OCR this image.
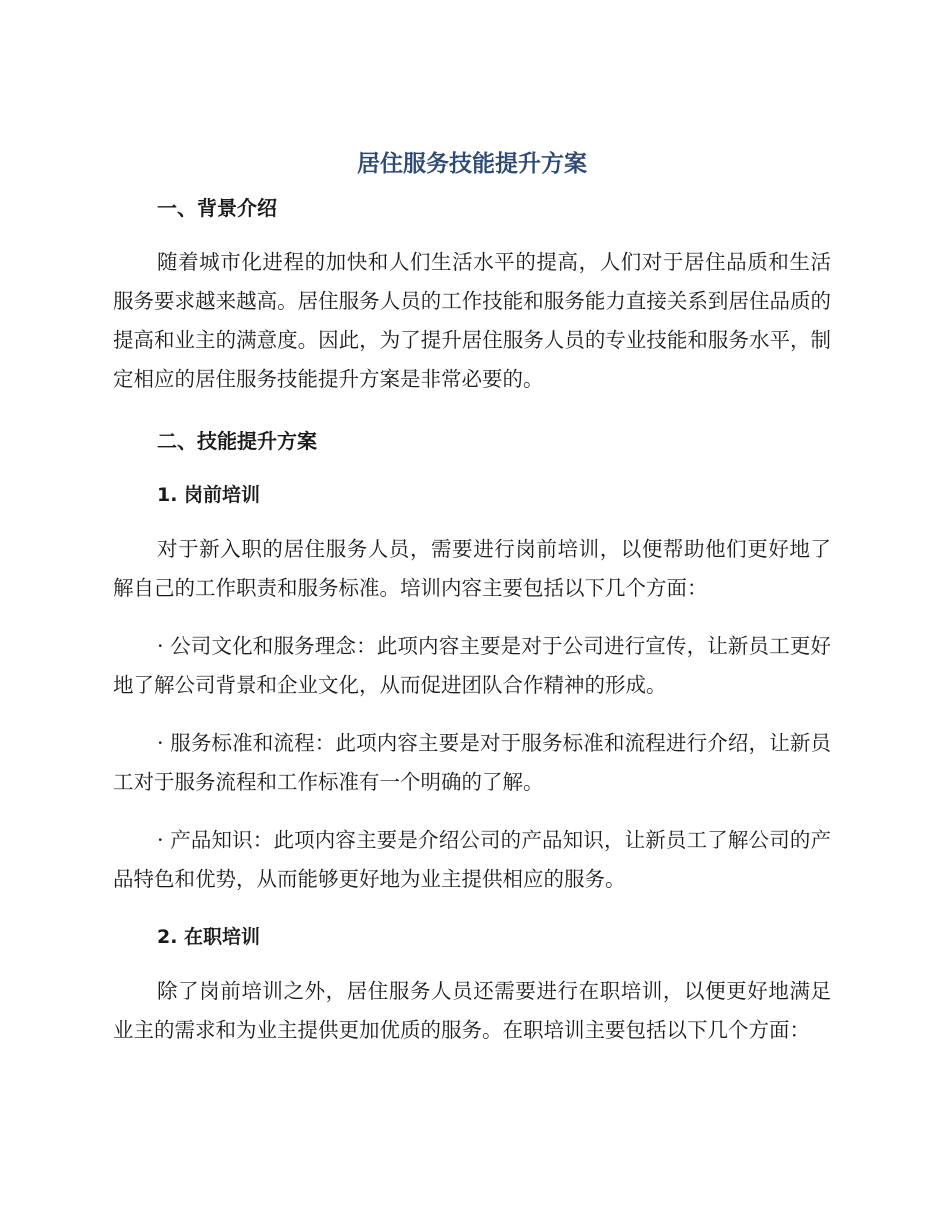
居住服务技能提升方案
一、背景介绍

随着城市化进程的加快和人们生活水平的提高，人们对于居住品质和生活服务要求越来越高。居住服务人员的工作技能和服务能力直接关系到居住品质的提高和业主的满意度。因此，为了提升居住服务人员的专业技能和服务水平，制定相应的居住服务技能提升方案是非常必要的。

二、技能提升方案
1. 岗前培训

对于新入职的居住服务人员，需要进行岗前培训，以便帮助他们更好地了解自己的工作职责和服务标准。培训内容主要包括以下几个方面：

· 公司文化和服务理念：此项内容主要是对于公司进行宣传，让新员工更好地了解公司背景和企业文化，从而促进团队合作精神的形成。

· 服务标准和流程：此项内容主要是对于服务标准和流程进行介绍，让新员工对于服务流程和工作标准有一个明确的了解。

· 产品知识：此项内容主要是介绍公司的产品知识，让新员工了解公司的产品特色和优势，从而能够更好地为业主提供相应的服务。

2. 在职培训

除了岗前培训之外，居住服务人员还需要进行在职培训，以便更好地满足业主的需求和为业主提供更加优质的服务。在职培训主要包括以下几个方面：
